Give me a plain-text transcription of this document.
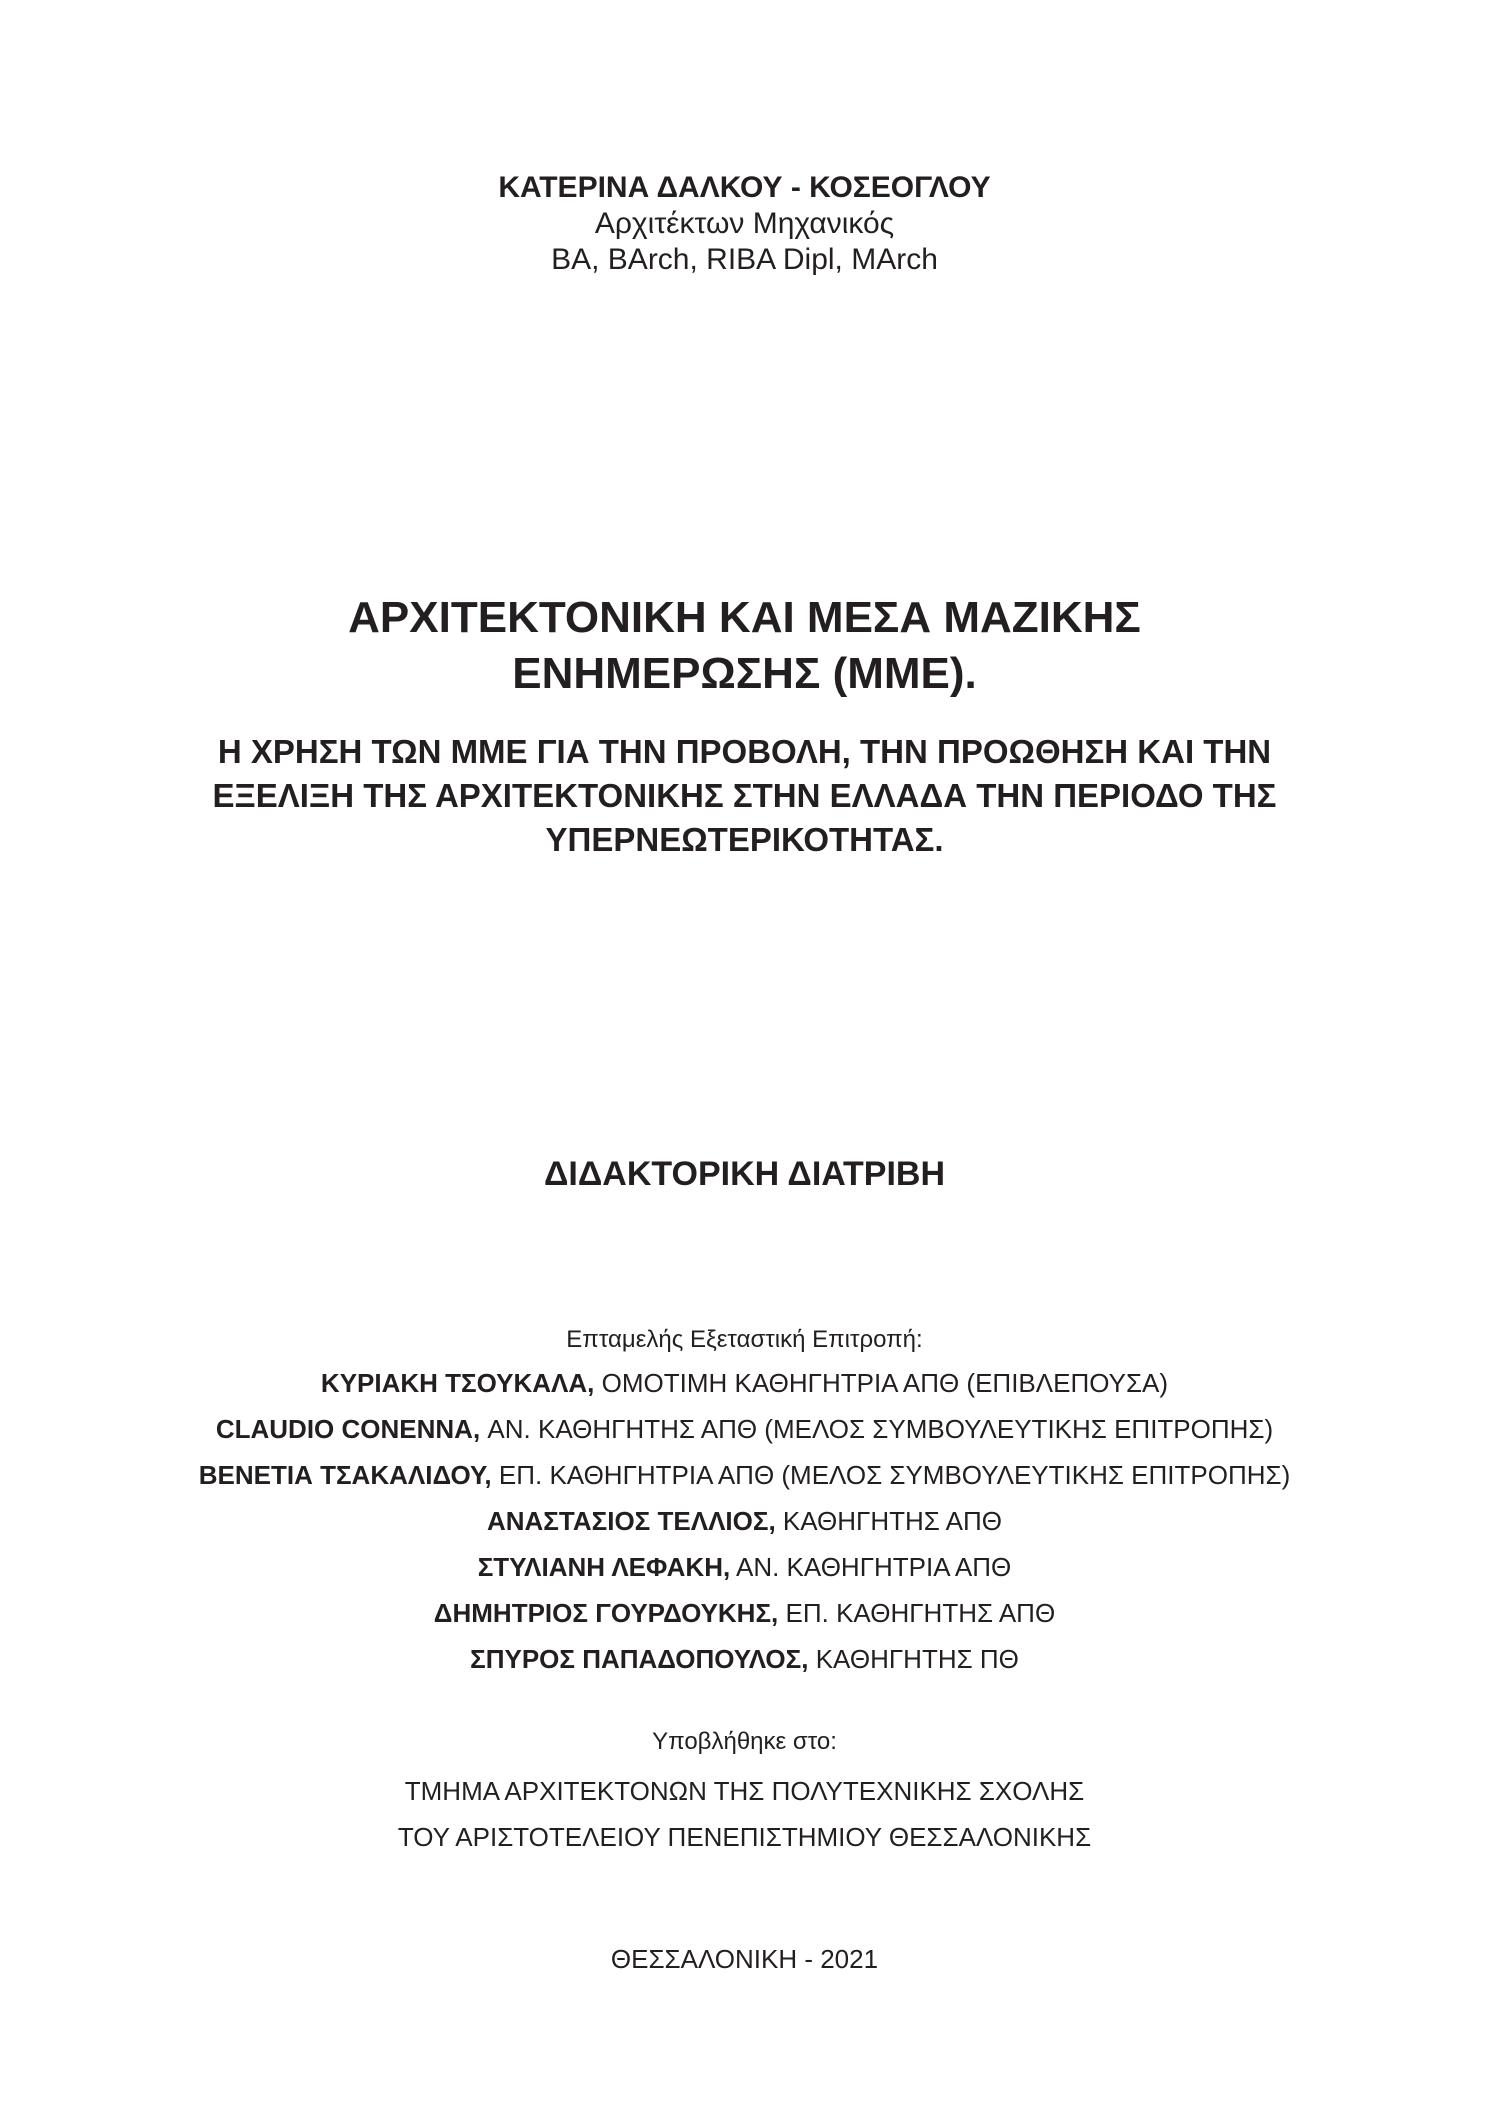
ΚΑΤΕΡΙΝΑ ΔΑΛΚΟΥ - ΚΟΣΕΟΓΛΟΥ
Αρχιτέκτων Μηχανικός
BA, BArch, RIBA Dipl, MArch
ΑΡΧΙΤΕΚΤΟΝΙΚΗ ΚΑΙ ΜΕΣΑ ΜΑΖΙΚΗΣ
ΕΝΗΜΕΡΩΣΗΣ (ΜΜΕ).
Η ΧΡΗΣΗ ΤΩΝ ΜΜΕ ΓΙΑ ΤΗΝ ΠΡΟΒΟΛΗ, ΤΗΝ ΠΡΟΩΘΗΣΗ ΚΑΙ ΤΗΝ
ΕΞΕΛΙΞΗ ΤΗΣ ΑΡΧΙΤΕΚΤΟΝΙΚΗΣ ΣΤΗΝ ΕΛΛΑΔΑ ΤΗΝ ΠΕΡΙΟΔΟ ΤΗΣ
ΥΠΕΡΝΕΩΤΕΡΙΚΟΤΗΤΑΣ.
ΔΙΔΑΚΤΟΡΙΚΗ ΔΙΑΤΡΙΒΗ
Επταμελής Εξεταστική Επιτροπή:
ΚΥΡΙΑΚΗ ΤΣΟΥΚΑΛΑ, ΟΜΟΤΙΜΗ ΚΑΘΗΓΗΤΡΙΑ ΑΠΘ (ΕΠΙΒΛΕΠΟΥΣΑ)
CLAUDIO CONENNA, ΑΝ. ΚΑΘΗΓΗΤΗΣ ΑΠΘ (ΜΕΛΟΣ ΣΥΜΒΟΥΛΕΥΤΙΚΗΣ ΕΠΙΤΡΟΠΗΣ)
ΒΕΝΕΤΙΑ ΤΣΑΚΑΛΙΔΟΥ, ΕΠ. ΚΑΘΗΓΗΤΡΙΑ ΑΠΘ (ΜΕΛΟΣ ΣΥΜΒΟΥΛΕΥΤΙΚΗΣ ΕΠΙΤΡΟΠΗΣ)
ΑΝΑΣΤΑΣΙΟΣ ΤΕΛΛΙΟΣ, ΚΑΘΗΓΗΤΗΣ ΑΠΘ
ΣΤΥΛΙΑΝΗ ΛΕΦΑΚΗ, ΑΝ. ΚΑΘΗΓΗΤΡΙΑ ΑΠΘ
ΔΗΜΗΤΡΙΟΣ ΓΟΥΡΔΟΥΚΗΣ, ΕΠ. ΚΑΘΗΓΗΤΗΣ ΑΠΘ
ΣΠΥΡΟΣ ΠΑΠΑΔΟΠΟΥΛΟΣ, ΚΑΘΗΓΗΤΗΣ ΠΘ
Υποβλήθηκε στο:
ΤΜΗΜΑ ΑΡΧΙΤΕΚΤΟΝΩΝ ΤΗΣ ΠΟΛΥΤΕΧΝΙΚΗΣ ΣΧΟΛΗΣ
ΤΟΥ ΑΡΙΣΤΟΤΕΛΕΙΟΥ ΠΕΝΕΠΙΣΤΗΜΙΟΥ ΘΕΣΣΑΛΟΝΙΚΗΣ
ΘΕΣΣΑΛΟΝΙΚΗ - 2021
